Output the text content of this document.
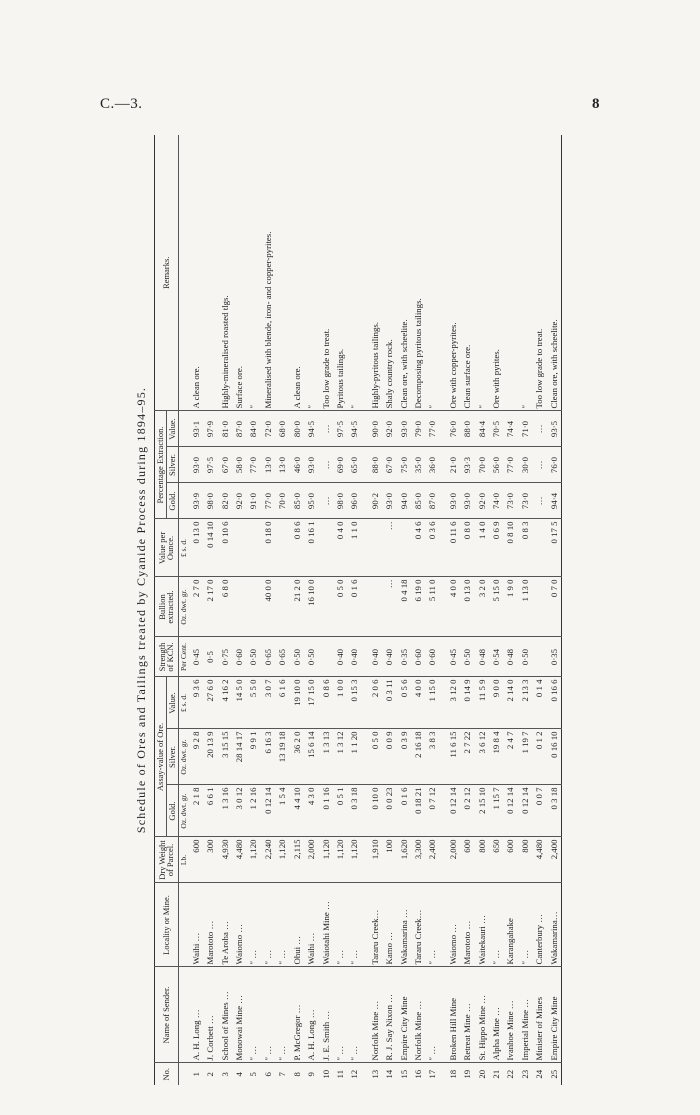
C.—3.	8
Schedule of Ores and Tailings treated by Cyanide Process during 1894–95.
No.	Name of Sender.	Locality or Mine.	Dry Weight of Parcel.	Assay-value of Ore.			Strength of KCN.	Bullion extracted.	Value per Ounce.	Percentage Extraction.			Remarks.
				Gold.	Silver.	Value.				Gold.	Silver.	Value.	
			Lb.	Oz. dwt. gr.	Oz. dwt. gr.	£ s. d.	Per Cent.	Oz. dwt. gr.	£ s. d.				
1	A. H. Long …	Waihi …	600	2 1 8	9 2 8	9 3 6	0·45	2 7 0	0 13 0	93·9	93·0	93·1	A clean ore.
2	J. Corbett …	Marototo …	300	6 6 1	20 13 9	27 6 0	0·5	2 17 0	0 14 10	98·0	97·5	97·9	
3	School of Mines …	Te Aroha …	4,930	1 3 16	3 15 15	4 16 2	0·75	6 8 0	0 10 6	82·0	67·0	81·0	Highly-mineralised roasted tlgs.
4	Monowai Mine …	Waiomo …	4,480	3 0 12	28 14 17	14 5 0	0·60			92·0	58·0	87·0	Surface ore.
5	″ …	″ …	1,120	1 2 16	9 9 1	5 5 0	0·50			91·0	77·0	84·0	″
6	″ …	″ …	2,240	0 12 14	6 16 3	3 0 7	0·65	40 0 0	0 18 0	77·0	13·0	72·0	Mineralised with blende, iron- and copper-pyrites.
7	″ …	″ …	1,120	1 5 4	13 19 18	6 1 6	0·65			70·0	13·0	68·0	
8	P. McGregor …	Ohui …	2,115	4 4 10	36 2 0	19 10 0	0·50	21 2 0	0 8 6	85·0	46·0	80·0	A clean ore.
9	A. H. Long …	Waihi …	2,000	4 3 0	15 6 14	17 15 0	0·50	16 10 0	0 16 1	95·0	93·0	94·5	″
10	J. E. Smith …	Waiotahi Mine …	1,120	0 1 16	1 3 13	0 8 6				…	…	…	Too low grade to treat.
11	″ …	″ …	1,120	0 5 1	1 3 12	1 0 0	0·40	0 5 0	0 4 0	98·0	69·0	97·5	Pyritous tailings.
12	″ …	″ …	1,120	0 3 18	1 1 20	0 15 3	0·40	0 1 6	1 1 0	96·0	65·0	94·5	″

13	Norfolk Mine …	Tararu Creek…	1,910	0 10 0	0 5 0	2 0 6	0·40			90·2	88·0	90·0	Highly-pyritous tailings.
14	R. J. Say Nixon …	Kamo …	100	0 0 23	0 0 9	0 3 11	0·40	…	…	93·0	67·0	92·0	Shaly country rock.
15	Empire City Mine	Wakamarina …	1,620	0 1 6	0 3 9	0 5 6	0·35	0 4 18		94·0	75·0	93·0	Clean ore, with scheelite.
16	Norfolk Mine …	Tararu Creek…	3,300	0 18 21	2 16 18	4 0 0	0·60	6 19 0	0 4 6	85·0	35·0	79·0	Decomposing pyritous tailings.
17	″ …	″ …	2,400	0 7 12	3 8 3	1 15 0	0·60	5 11 0	0 3 6	87·0	36·0	77·0	″

18	Broken Hill Mine	Waiomo …	2,000	0 12 14	11 6 15	3 12 0	0·45	4 0 0	0 11 6	93·0	21·0	76·0	Ore with copper-pyrites.
19	Retreat Mine …	Marototo …	600	0 2 12	2 7 22	0 14 9	0·50	0 13 0	0 8 0	93·0	93·3	88·0	Clean surface ore.
20	St. Hippo Mine …	Waitekauri …	800	2 15 10	3 6 12	11 5 9	0·48	3 2 0	1 4 0	92·0	70·0	84·4	″
21	Alpha Mine …	″ …	650	1 15 7	19 8 4	9 0 0	0·54	5 15 0	0 6 9	74·0	56·0	70·5	Ore with pyrites.
22	Ivanhoe Mine …	Karangahake	600	0 12 14	2 4 7	2 14 0	0·48	1 9 0	0 8 10	73·0	77·0	74·4	
23	Imperial Mine …	″ …	800	0 12 14	1 19 7	2 13 3	0·50	1 13 0	0 8 3	73·0	30·0	71·0	″
24	Minister of Mines	Canterbury …	4,480	0 0 7	0 1 2	0 1 4				…	…	…	Too low grade to treat.
25	Empire City Mine	Wakamarina…	2,400	0 3 18	0 16 10	0 16 6	0·35	0 7 0	0 17 5	94·4	76·0	93·5	Clean ore, with scheelite.
